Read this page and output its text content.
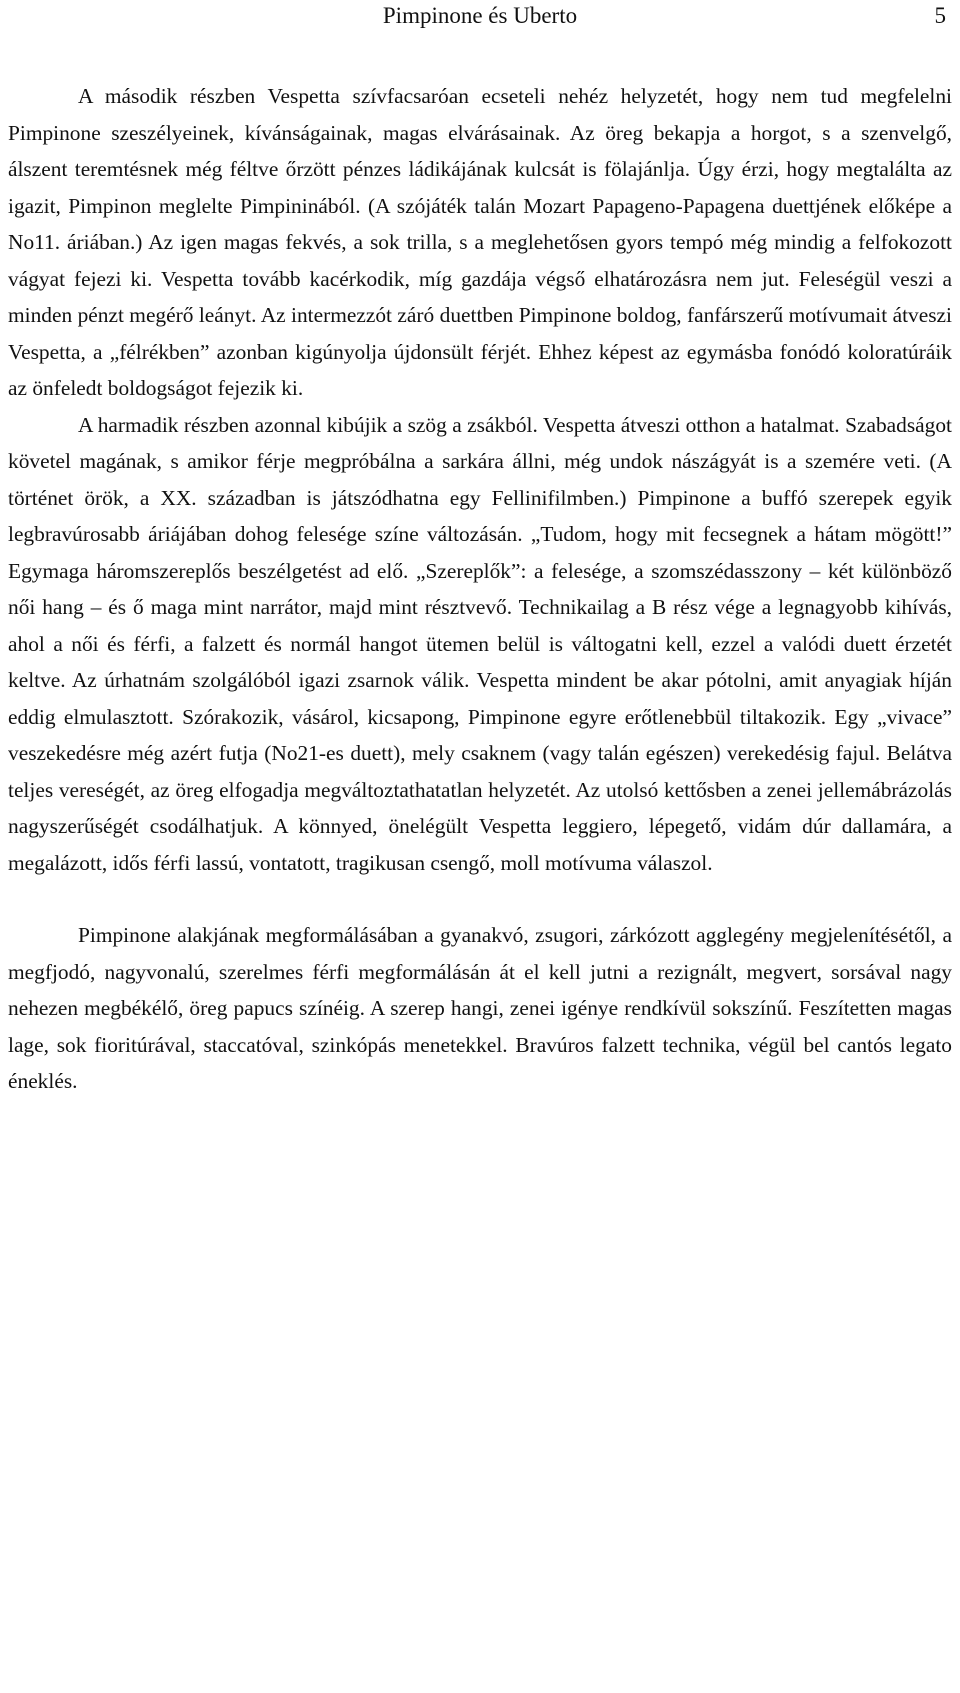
Pimpinone és Uberto	5

A második részben Vespetta szívfacsaróan ecseteli nehéz helyzetét, hogy nem tud megfelelni Pimpinone szeszélyeinek, kívánságainak, magas elvárásainak. Az öreg bekapja a horgot, s a szenvelgő, álszent teremtésnek még féltve őrzött pénzes ládikájának kulcsát is fölajánlja. Úgy érzi, hogy megtalálta az igazit, Pimpinon meglelte Pimpininából. (A szójáték talán Mozart Papageno-Papagena duettjének előképe a No11. áriában.) Az igen magas fekvés, a sok trilla, s a meglehetősen gyors tempó még mindig a felfokozott vágyat fejezi ki. Vespetta tovább kacérkodik, míg gazdája végső elhatározásra nem jut. Feleségül veszi a minden pénzt megérő leányt. Az intermezzót záró duettben Pimpinone boldog, fanfárszerű motívumait átveszi Vespetta, a „félrékben” azonban kigúnyolja újdonsült férjét. Ehhez képest az egymásba fonódó koloratúráik az önfeledt boldogságot fejezik ki.

A harmadik részben azonnal kibújik a szög a zsákból. Vespetta átveszi otthon a hatalmat. Szabadságot követel magának, s amikor férje megpróbálna a sarkára állni, még undok nászágyát is a szemére veti. (A történet örök, a XX. században is játszódhatna egy Fellinifilmben.) Pimpinone a buffó szerepek egyik legbravúrosabb áriájában dohog felesége színe változásán. „Tudom, hogy mit fecsegnek a hátam mögött!” Egymaga háromszereplős beszélgetést ad elő. „Szereplők”: a felesége, a szomszédasszony – két különböző női hang – és ő maga mint narrátor, majd mint résztvevő. Technikailag a B rész vége a legnagyobb kihívás, ahol a női és férfi, a falzett és normál hangot ütemen belül is váltogatni kell, ezzel a valódi duett érzetét keltve. Az úrhatnám szolgálóból igazi zsarnok válik. Vespetta mindent be akar pótolni, amit anyagiak híján eddig elmulasztott. Szórakozik, vásárol, kicsapong, Pimpinone egyre erőtlenebbül tiltakozik. Egy „vivace” veszekedésre még azért futja (No21-es duett), mely csaknem (vagy talán egészen) verekedésig fajul. Belátva teljes vereségét, az öreg elfogadja megváltoztathatatlan helyzetét. Az utolsó kettősben a zenei jellemábrázolás nagyszerűségét csodálhatjuk. A könnyed, önelégült Vespetta leggiero, lépegető, vidám dúr dallamára, a megalázott, idős férfi lassú, vontatott, tragikusan csengő, moll motívuma válaszol.

Pimpinone alakjának megformálásában a gyanakvó, zsugori, zárkózott agglegény megjelenítésétől, a megfjodó, nagyvonalú, szerelmes férfi megformálásán át el kell jutni a rezignált, megvert, sorsával nagy nehezen megbékélő, öreg papucs színéig. A szerep hangi, zenei igénye rendkívül sokszínű. Feszítetten magas lage, sok fioritúrával, staccatóval, szinkópás menetekkel. Bravúros falzett technika, végül bel cantós legato éneklés.
